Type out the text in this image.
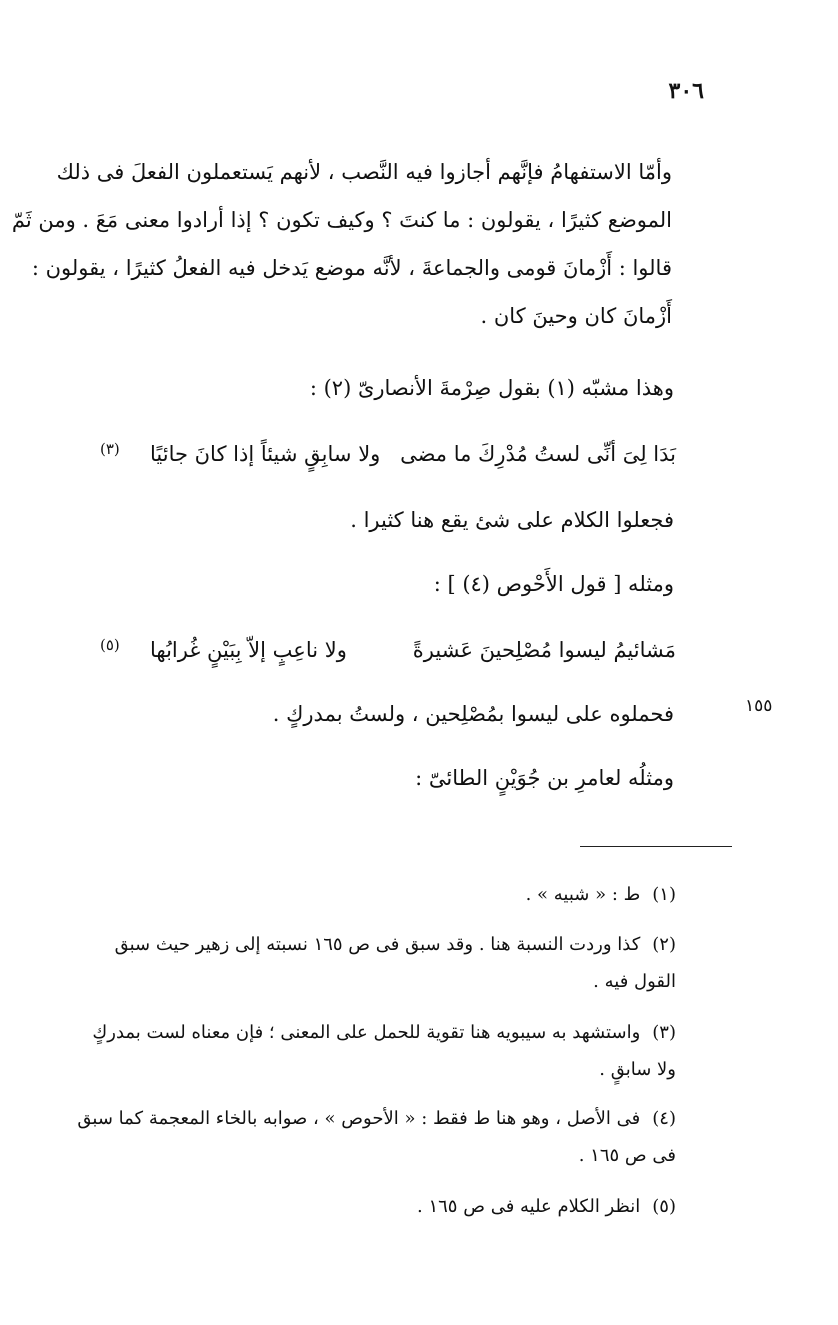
٣٠٦
وأمّا الاستفهامُ فإنَّهم أجازوا فيه النَّصب ، لأنهم يَستعملون الفعلَ فى ذلك
الموضع كثيرًا ، يقولون : ما كنتَ ؟ وكيف تكون ؟ إذا أرادوا معنى مَعَ . ومن ثَمّ
قالوا : أَزْمانَ قومى والجماعةَ ، لأنَّه موضع يَدخل فيه الفعلُ كثيرًا ، يقولون :
أَزْمانَ كان وحينَ كان .
وهذا مشبّه (١) بقول صِرْمةَ الأنصارىّ (٢) :
بَدَا لِىَ أنِّى لستُ مُدْرِكَ ما مضى
ولا سابِقٍ شيئاً إذا كانَ جائيًا
(٣)
فجعلوا الكلام على شئ يقع هنا كثيرا .
ومثله [ قول الأَحْوص (٤) ] :
مَشائيمُ ليسوا مُصْلِحينَ عَشيرةً
ولا ناعِبٍ إلاّ بِبَيْنٍ غُرابُها
(٥)
١٥٥
فحملوه على ليسوا بمُصْلِحين ، ولستُ بمدركٍ .
ومثلُه لعامرِ بن جُوَيْنٍ الطائىّ :
(١)ط : « شبيه » .
(٢)كذا وردت النسبة هنا . وقد سبق فى ص ١٦٥ نسبته إلى زهير حيث سبق
القول فيه .
(٣)واستشهد به سيبويه هنا تقوية للحمل على المعنى ؛ فإن معناه لست بمدركٍ
ولا سابقٍ .
(٤)فى الأصل ، وهو هنا ط فقط : « الأحوص » ، صوابه بالخاء المعجمة كما سبق
فى ص ١٦٥ .
(٥)انظر الكلام عليه فى ص ١٦٥ .
